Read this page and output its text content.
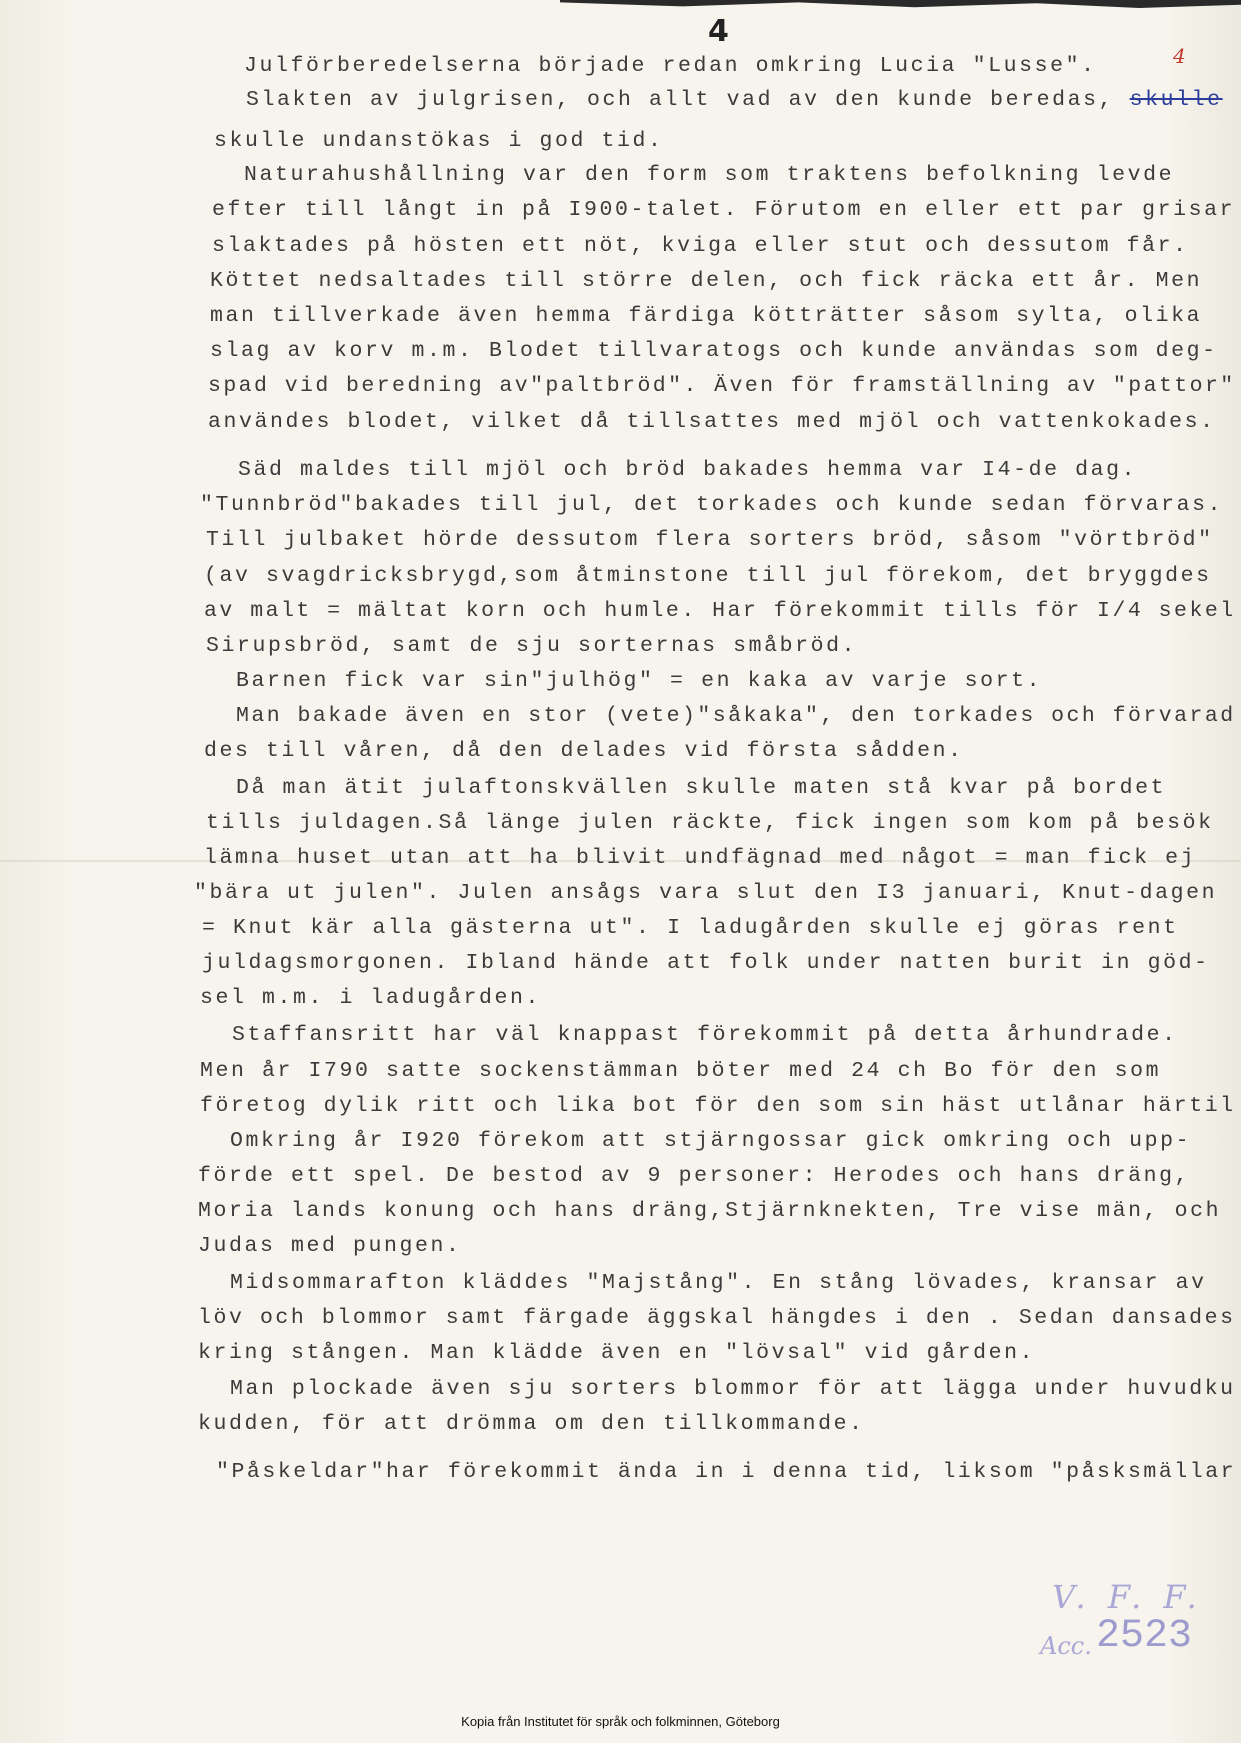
4
4
Julförberedelserna började redan omkring Lucia "Lusse".
Slakten av julgrisen, och allt vad av den kunde beredas, skulle
skulle undanstökas i god tid.
Naturahushållning var den form som traktens befolkning levde
efter till långt in på I900-talet. Förutom en eller ett par grisar
slaktades på hösten ett nöt, kviga eller stut och dessutom får.
Köttet nedsaltades till större delen, och fick räcka ett år. Men
man tillverkade även hemma färdiga kötträtter såsom sylta, olika
slag av korv m.m. Blodet tillvaratogs och kunde användas som deg-
spad vid beredning av"paltbröd". Även för framställning av "pattor"
användes blodet, vilket då tillsattes med mjöl och vattenkokades.
Säd maldes till mjöl och bröd bakades hemma var I4-de dag.
"Tunnbröd"bakades till jul, det torkades och kunde sedan förvaras.
Till julbaket hörde dessutom flera sorters bröd, såsom "vörtbröd"
(av svagdricksbrygd,som åtminstone till jul förekom, det bryggdes
av malt = mältat korn och humle. Har förekommit tills för I/4 sekel
Sirupsbröd, samt de sju sorternas småbröd.
Barnen fick var sin"julhög" = en kaka av varje sort.
Man bakade även en stor (vete)"såkaka", den torkades och förvarad
des till våren, då den delades vid första sådden.
Då man ätit julaftonskvällen skulle maten stå kvar på bordet
tills juldagen.Så länge julen räckte, fick ingen som kom på besök
lämna huset utan att ha blivit undfägnad med något = man fick ej
"bära ut julen". Julen ansågs vara slut den I3 januari, Knut-dagen
= Knut kär alla gästerna ut". I ladugården skulle ej göras rent
juldagsmorgonen. Ibland hände att folk under natten burit in göd-
sel m.m. i ladugården.
Staffansritt har väl knappast förekommit på detta århundrade.
Men år I790 satte sockenstämman böter med 24 ch Bo för den som
företog dylik ritt och lika bot för den som sin häst utlånar härtil
Omkring år I920 förekom att stjärngossar gick omkring och upp-
förde ett spel. De bestod av 9 personer: Herodes och hans dräng,
Moria lands konung och hans dräng,Stjärnknekten, Tre vise män, och
Judas med pungen.
Midsommarafton kläddes "Majstång". En stång lövades, kransar av
löv och blommor samt färgade äggskal hängdes i den . Sedan dansades
kring stången. Man klädde även en "lövsal" vid gården.
Man plockade även sju sorters blommor för att lägga under huvudku
kudden, för att drömma om den tillkommande.
"Påskeldar"har förekommit ända in i denna tid, liksom "påsksmällar
V. F. F.
Acc. 2523
Kopia från Institutet för språk och folkminnen, Göteborg
